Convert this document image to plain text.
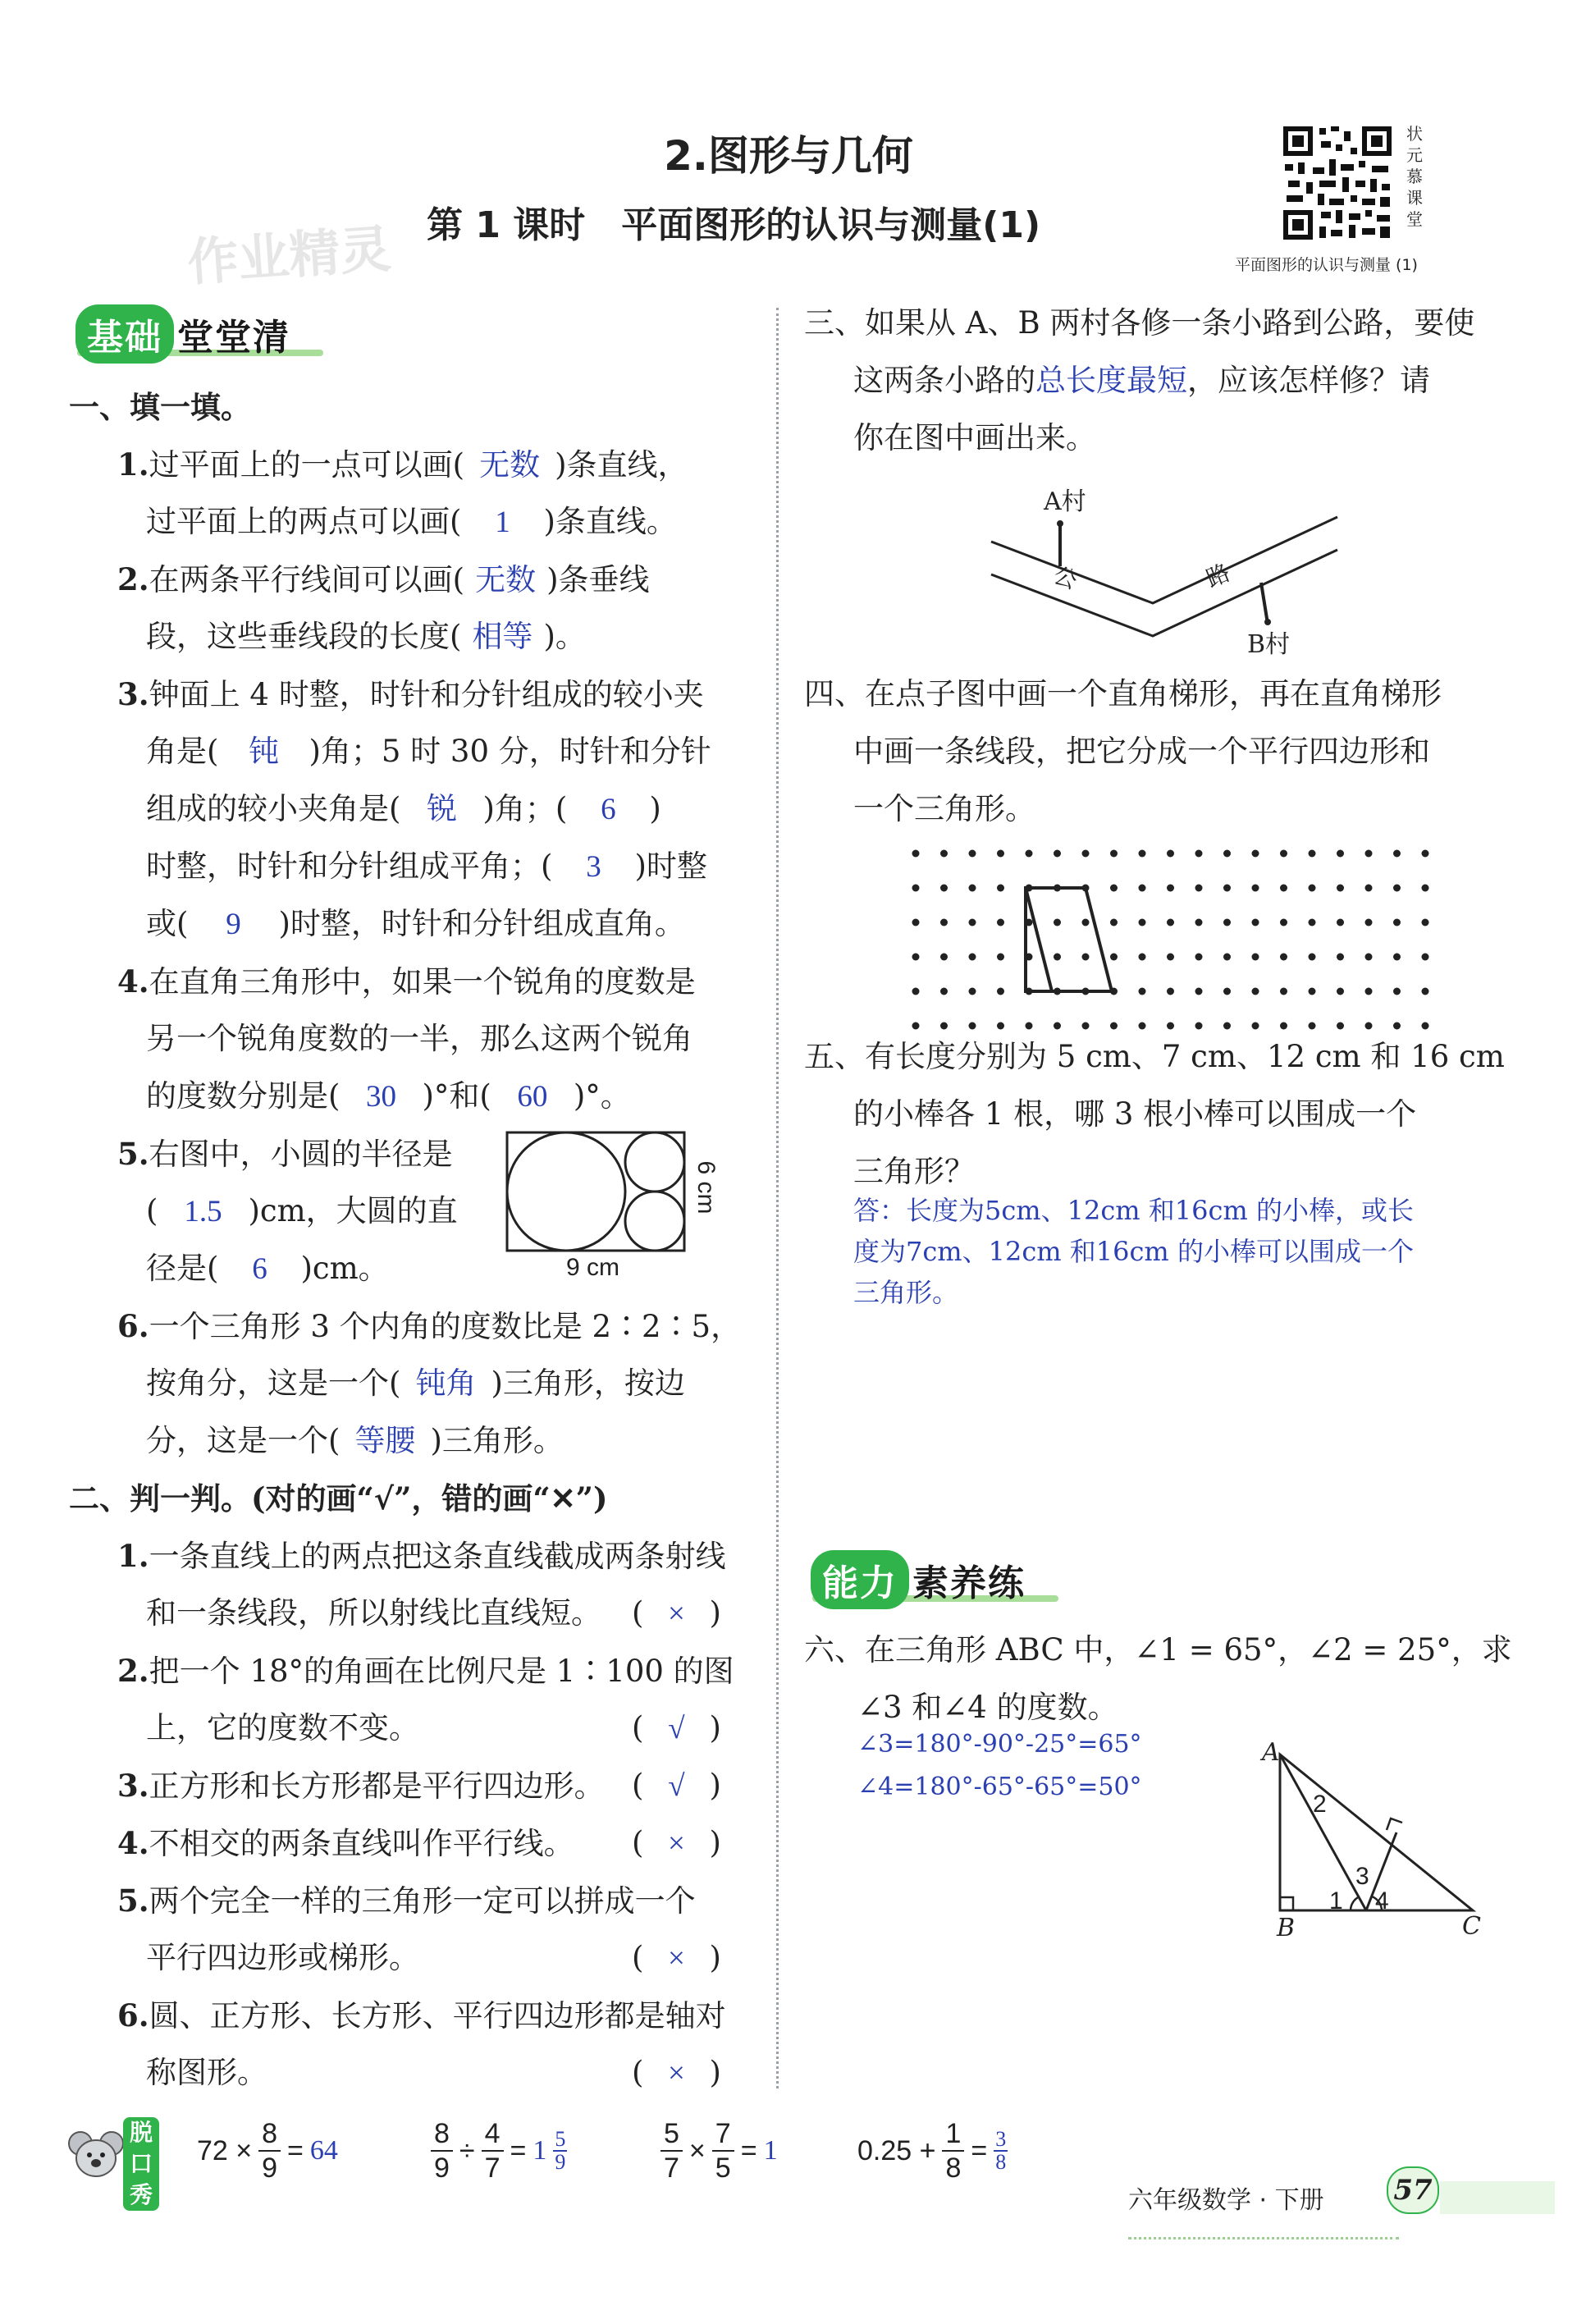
作业精灵
2.图形与几何
第 1 课时　平面图形的认识与测量(1)
状
元
慕
课
堂
平面图形的认识与测量 (1)
基础 堂堂清
一、填一填。
1.过平面上的一点可以画( 无数 )条直线，
过平面上的两点可以画( 1 )条直线。
2.在两条平行线间可以画( 无数 )条垂线
段，这些垂线段的长度( 相等 )。
3.钟面上 4 时整，时针和分针组成的较小夹
角是( 钝 )角；5 时 30 分，时针和分针
组成的较小夹角是( 锐 )角；( 6 )
时整，时针和分针组成平角；( 3 )时整
或( 9 )时整，时针和分针组成直角。
4.在直角三角形中，如果一个锐角的度数是
另一个锐角度数的一半，那么这两个锐角
的度数分别是( 30 )°和( 60 )°。
5.右图中，小圆的半径是
( 1.5 )cm，大圆的直
径是( 6 )cm。	9 cm
6 cm
6.一个三角形 3 个内角的度数比是 2∶2∶5，
按角分，这是一个( 钝角 )三角形，按边
分，这是一个( 等腰 )三角形。
二、判一判。(对的画“√”，错的画“✕”)
1.一条直线上的两点把这条直线截成两条射线
和一条线段，所以射线比直线短。 ( × )
2.把一个 18°的角画在比例尺是 1∶100 的图
上，它的度数不变。	( √ )
3.正方形和长方形都是平行四边形。 ( √ )
4.不相交的两条直线叫作平行线。 ( × )
5.两个完全一样的三角形一定可以拼成一个
平行四边形或梯形。	( × )
6.圆、正方形、长方形、平行四边形都是轴对
称图形。	( × )
三、如果从 A、B 两村各修一条小路到公路，要使
这两条小路的总长度最短，应该怎样修？请
你在图中画出来。
A村
B村
公	路
四、在点子图中画一个直角梯形，再在直角梯形
中画一条线段，把它分成一个平行四边形和
一个三角形。
五、有长度分别为 5 cm、7 cm、12 cm 和 16 cm
的小棒各 1 根，哪 3 根小棒可以围成一个
三角形？
答：长度为5cm、12cm 和16cm 的小棒，或长
度为7cm、12cm 和16cm 的小棒可以围成一个
三角形。
能力 素养练
六、在三角形 ABC 中，∠1 = 65°，∠2 = 25°，求
∠3 和∠4 的度数。
∠3=180°-90°-25°=65°
∠4=180°-65°-65°=50°
A
B	C
2
3
1 4
脱
口
秀
$72 \times \frac{8}{9} = 64$	$\frac{8}{9} \div \frac{4}{7} = 1$ 5
9	$\frac{5}{7} \times \frac{7}{5} = 1$	$0.25 + \frac{1}{8} = \frac{3}{8}$
六年级数学 · 下册 57
